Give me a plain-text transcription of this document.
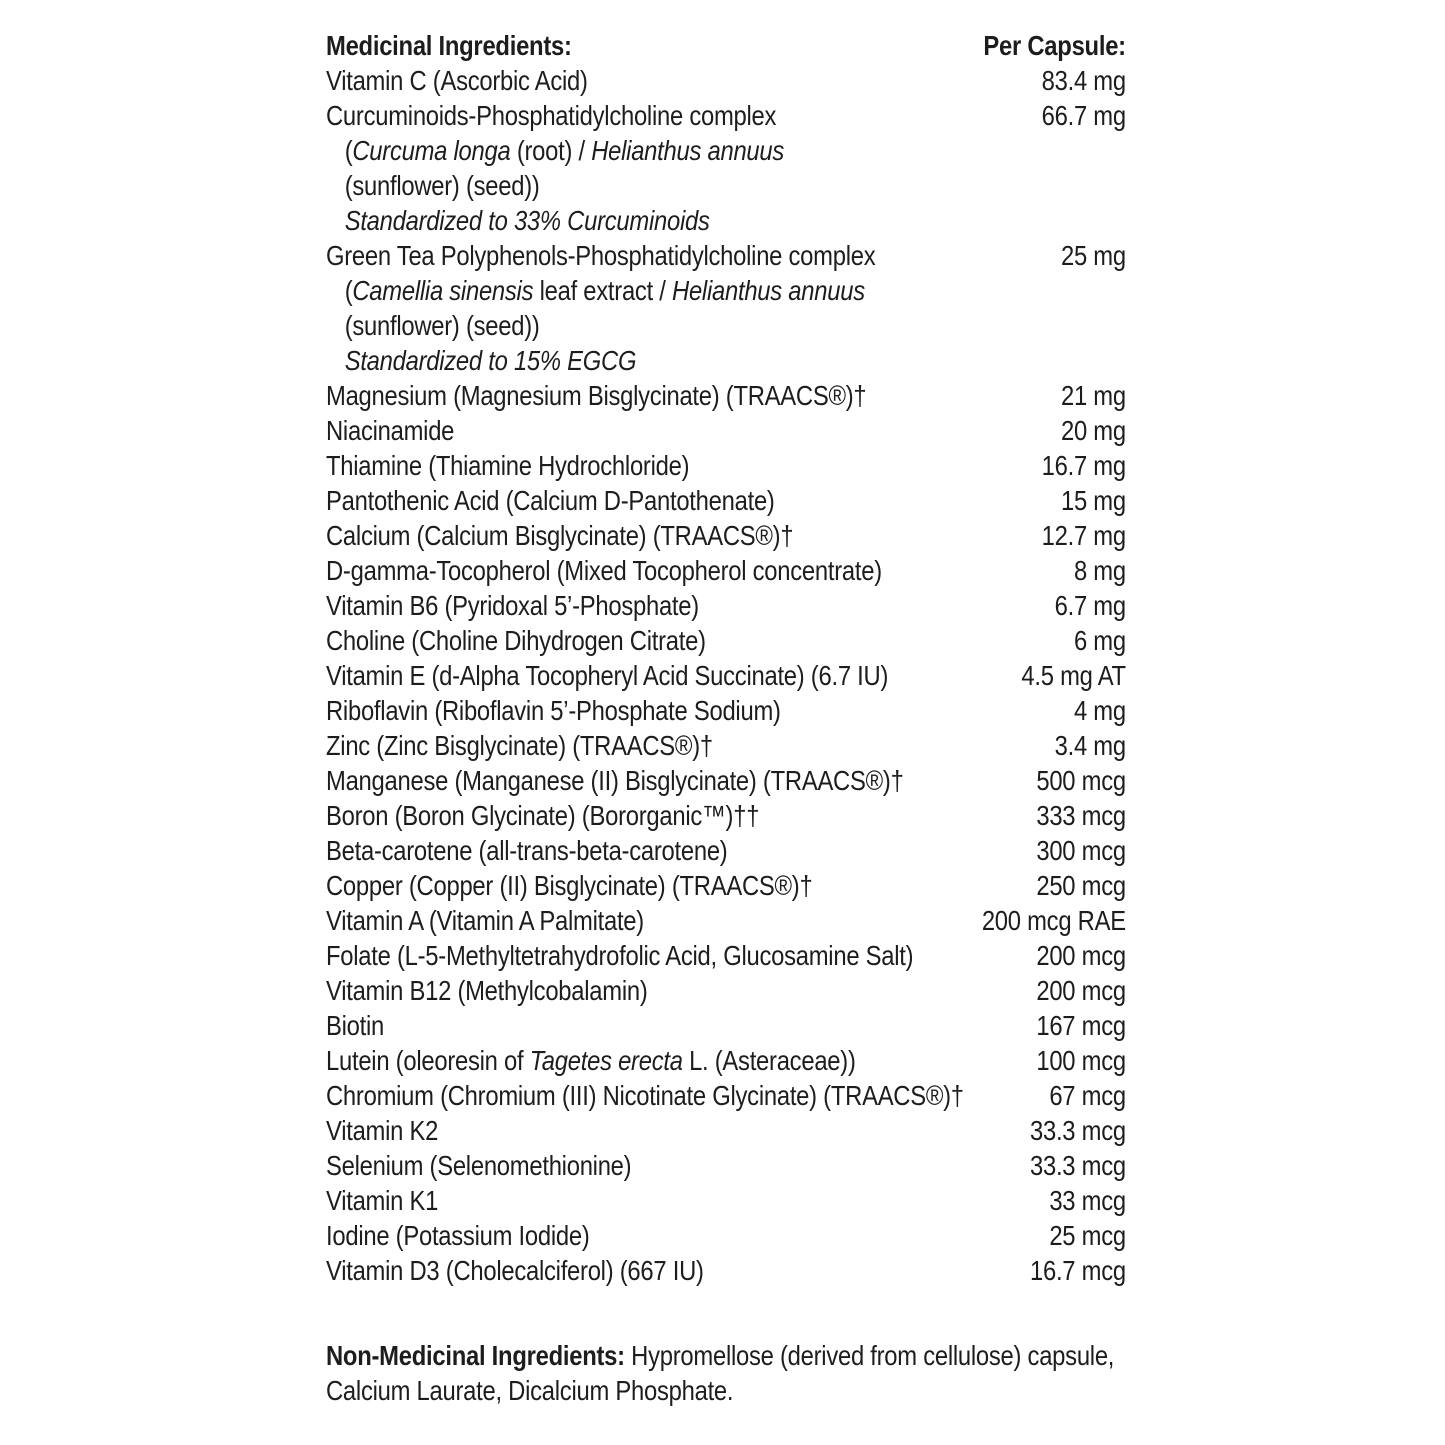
Medicinal Ingredients:	Per Capsule:
Vitamin C (Ascorbic Acid)	83.4 mg
Curcuminoids-Phosphatidylcholine complex	66.7 mg
(Curcuma longa (root) / Helianthus annuus
(sunflower) (seed))
Standardized to 33% Curcuminoids
Green Tea Polyphenols-Phosphatidylcholine complex	25 mg
(Camellia sinensis leaf extract / Helianthus annuus
(sunflower) (seed))
Standardized to 15% EGCG
Magnesium (Magnesium Bisglycinate) (TRAACS®)†	21 mg
Niacinamide	20 mg
Thiamine (Thiamine Hydrochloride)	16.7 mg
Pantothenic Acid (Calcium D-Pantothenate)	15 mg
Calcium (Calcium Bisglycinate) (TRAACS®)†	12.7 mg
D-gamma-Tocopherol (Mixed Tocopherol concentrate)	8 mg
Vitamin B6 (Pyridoxal 5’-Phosphate)	6.7 mg
Choline (Choline Dihydrogen Citrate)	6 mg
Vitamin E (d-Alpha Tocopheryl Acid Succinate) (6.7 IU)	4.5 mg AT
Riboflavin (Riboflavin 5’-Phosphate Sodium)	4 mg
Zinc (Zinc Bisglycinate) (TRAACS®)†	3.4 mg
Manganese (Manganese (II) Bisglycinate) (TRAACS®)†	500 mcg
Boron (Boron Glycinate) (Bororganic™)††	333 mcg
Beta-carotene (all-trans-beta-carotene)	300 mcg
Copper (Copper (II) Bisglycinate) (TRAACS®)†	250 mcg
Vitamin A (Vitamin A Palmitate)	200 mcg RAE
Folate (L-5-Methyltetrahydrofolic Acid, Glucosamine Salt)	200 mcg
Vitamin B12 (Methylcobalamin)	200 mcg
Biotin	167 mcg
Lutein (oleoresin of Tagetes erecta L. (Asteraceae))	100 mcg
Chromium (Chromium (III) Nicotinate Glycinate) (TRAACS®)†	67 mcg
Vitamin K2	33.3 mcg
Selenium (Selenomethionine)	33.3 mcg
Vitamin K1	33 mcg
Iodine (Potassium Iodide)	25 mcg
Vitamin D3 (Cholecalciferol) (667 IU)	16.7 mcg

Non-Medicinal Ingredients: Hypromellose (derived from cellulose) capsule, Calcium Laurate, Dicalcium Phosphate.
